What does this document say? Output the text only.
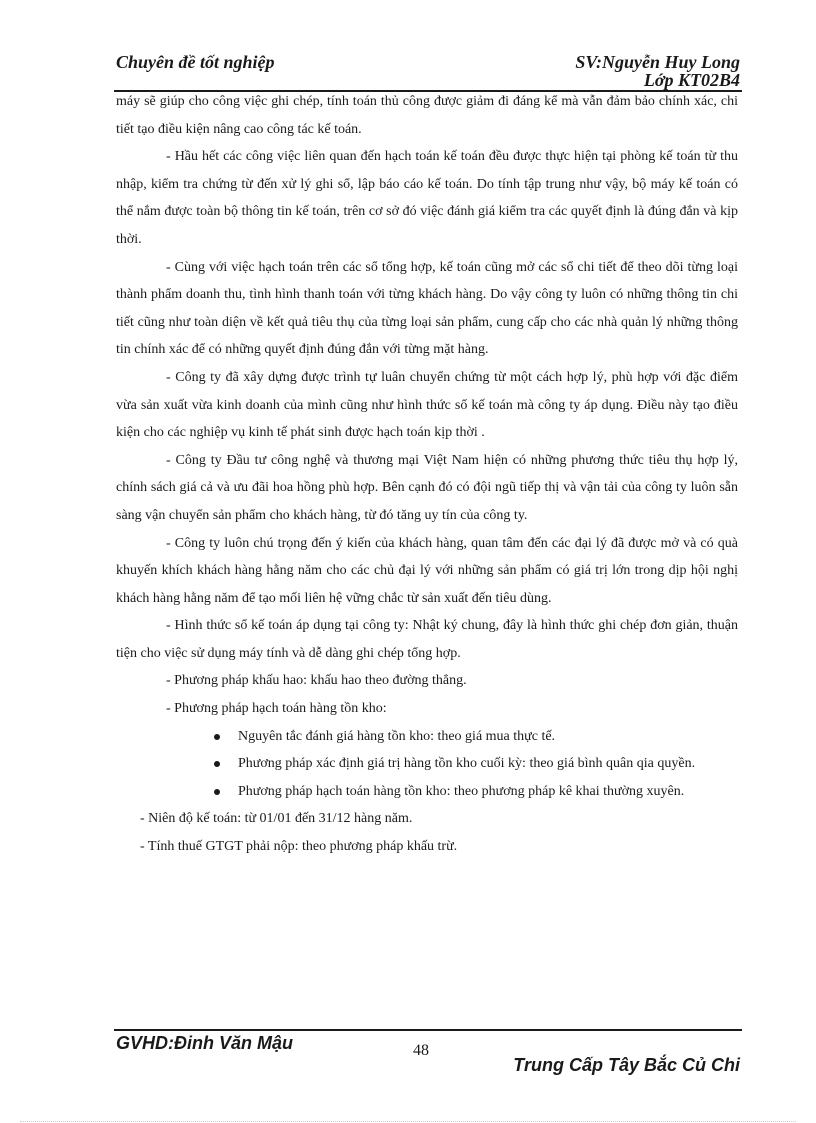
Chuyên đề tốt nghiệp	SV:Nguyễn Huy Long
Lớp KT02B4

máy sẽ giúp cho công việc ghi chép, tính toán thủ công được giảm đi đáng kể mà vẫn đảm bảo chính xác, chi tiết tạo điều kiện nâng cao công tác kế toán.

- Hầu hết các công việc liên quan đến hạch toán kế toán đều được thực hiện tại phòng kế toán từ thu nhập, kiểm tra chứng từ đến xử lý ghi sổ, lập báo cáo kế toán. Do tính tập trung như vậy, bộ máy kế toán có thể nắm được toàn bộ thông tin kế toán, trên cơ sở đó việc đánh giá kiểm tra các quyết định là đúng đắn và kịp thời.

- Cùng với việc hạch toán trên các sổ tổng hợp, kế toán cũng mở các sổ chi tiết để theo dõi từng loại thành phẩm doanh thu, tình hình thanh toán với từng khách hàng. Do vậy công ty luôn có những thông tin chi tiết cũng như toàn diện về kết quả tiêu thụ của từng loại sản phẩm, cung cấp cho các nhà quản lý những thông tin chính xác để có những quyết định đúng đắn với từng mặt hàng.

- Công ty đã xây dựng được trình tự luân chuyển chứng từ một cách hợp lý, phù hợp với đặc điểm vừa sản xuất vừa kinh doanh của mình cũng như hình thức sổ kế toán mà công ty áp dụng. Điều này tạo điều kiện cho các nghiệp vụ kinh tế phát sinh được hạch toán kịp thời .

- Công ty Đầu tư công nghệ và thương mại Việt Nam hiện có những phương thức tiêu thụ hợp lý, chính sách giá cả và ưu đãi hoa hồng phù hợp. Bên cạnh đó có đội ngũ tiếp thị và vận tải của công ty luôn sẵn sàng vận chuyển sản phẩm cho khách hàng, từ đó tăng uy tín của công ty.

- Công ty luôn chú trọng đến ý kiến của khách hàng, quan tâm đến các đại lý đã được mở và có quà khuyến khích khách hàng hằng năm cho các chủ đại lý với những sản phẩm có giá trị lớn trong dịp hội nghị khách hàng hằng năm để tạo mối liên hệ vững chắc từ sản xuất đến tiêu dùng.

- Hình thức sổ kế toán áp dụng tại công ty: Nhật ký chung, đây là hình thức ghi chép đơn giản, thuận tiện cho việc sử dụng máy tính và dễ dàng ghi chép tổng hợp.

- Phương pháp khấu hao: khấu hao theo đường thẳng.

- Phương pháp hạch toán hàng tồn kho:

Nguyên tắc đánh giá hàng tồn kho: theo giá mua thực tế.
Phương pháp xác định giá trị hàng tồn kho cuối kỳ: theo giá bình quân qia quyền.
Phương pháp hạch toán hàng tồn kho: theo phương pháp kê khai thường xuyên.

- Niên độ kế toán: từ 01/01 đến 31/12 hàng năm.

- Tính thuế GTGT phải nộp: theo phương pháp khấu trừ.

GVHD:Đinh Văn Mậu	48
Trung Cấp Tây Bắc Củ Chi
